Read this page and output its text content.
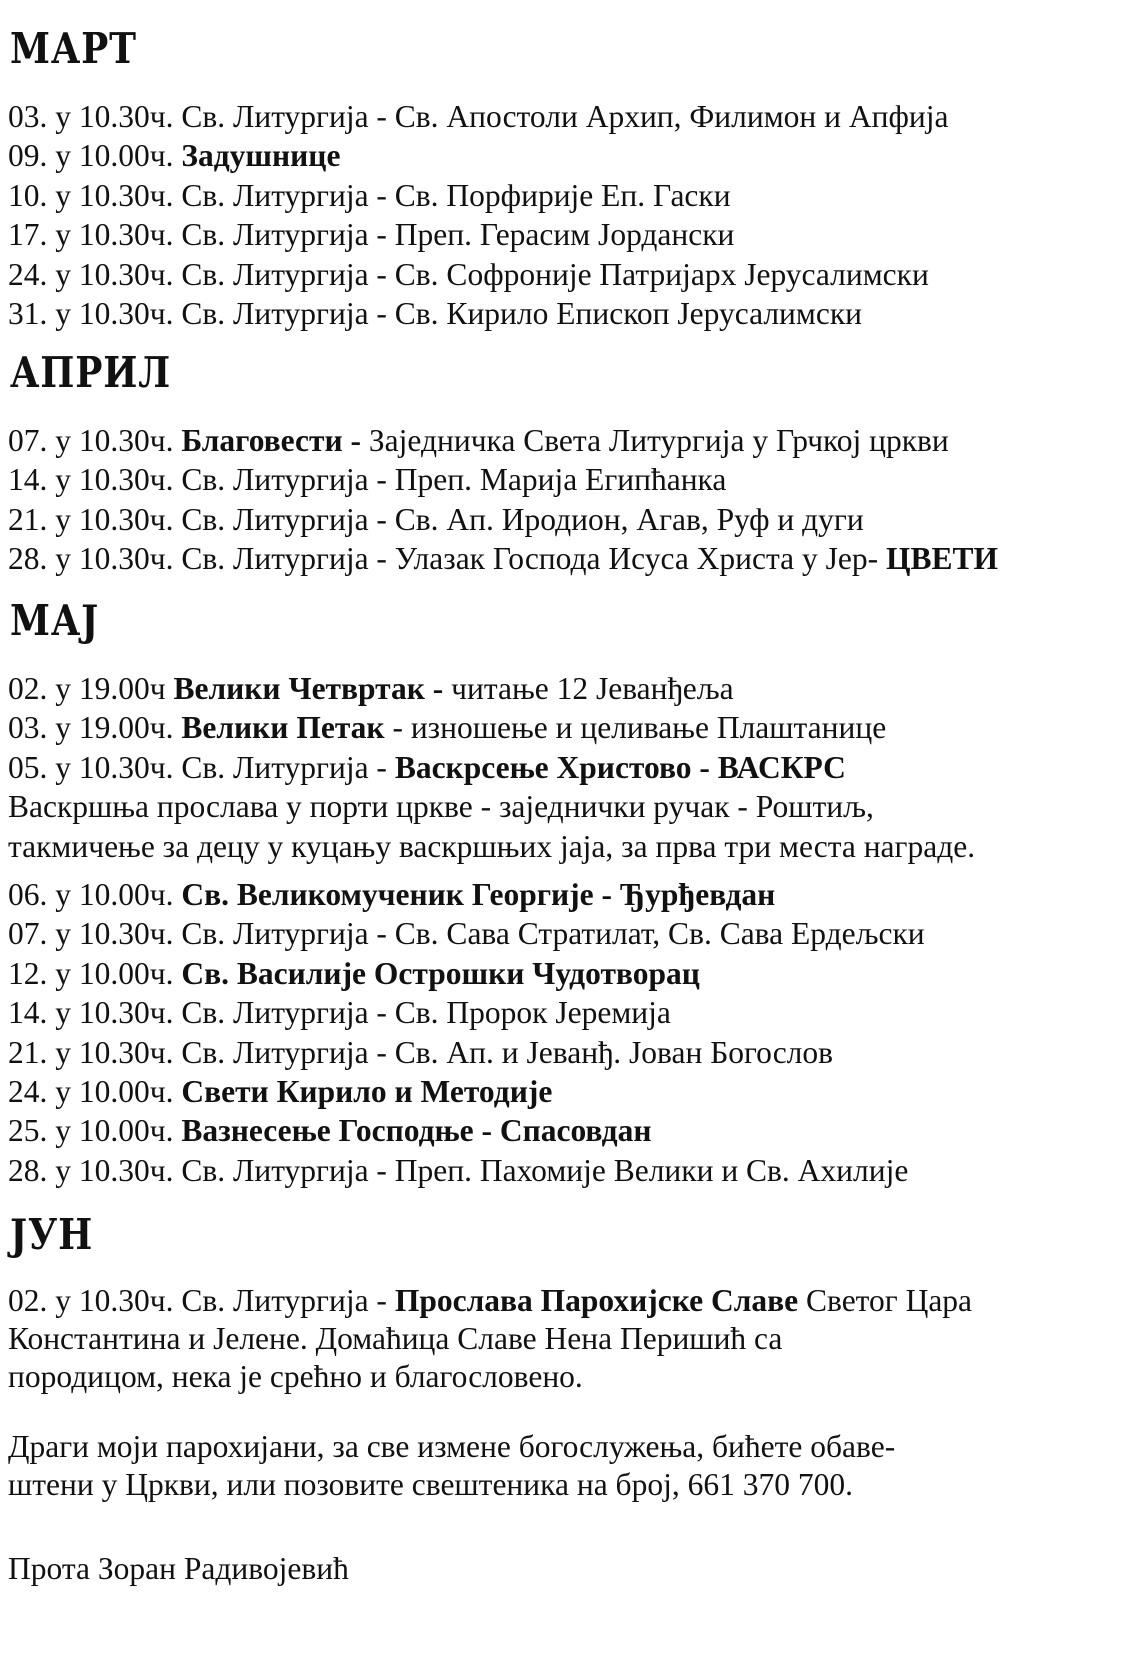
МАРТ
03. у 10.30ч. Св. Литургија - Св. Апостоли Архип, Филимон и Апфија
09. у 10.00ч. Задушнице
10. у 10.30ч. Св. Литургија - Св. Порфирије Еп. Гаски
17. у 10.30ч. Св. Литургија - Преп. Герасим Јордански
24. у 10.30ч. Св. Литургија - Св. Софроније Патријарх Јерусалимски
31. у 10.30ч. Св. Литургија - Св. Кирило Епископ Јерусалимски
АПРИЛ
07. у 10.30ч. Благовести - Заједничка Света Литургија у Грчкој цркви
14. у 10.30ч. Св. Литургија - Преп. Марија Египћанка
21. у 10.30ч. Св. Литургија - Св. Ап. Иродион, Агав, Руф и дуги
28. у 10.30ч. Св. Литургија - Улазак Господа Исуса Христа у Јер- ЦВЕТИ
МАЈ
02. у 19.00ч Велики Четвртак - читање 12 Јеванђеља
03. у 19.00ч. Велики Петак - изношење и целивање Плаштанице
05. у 10.30ч. Св. Литургија - Васкрсење Христово - ВАСКРС
Васкршња прослава у порти цркве - заједнички ручак - Роштиљ,
такмичење за децу у куцању васкршњих јаја, за прва три места награде.
06. у 10.00ч. Св. Великомученик Георгије - Ђурђевдан
07. у 10.30ч. Св. Литургија - Св. Сава Стратилат, Св. Сава Ердељски
12. у 10.00ч. Св. Василије Острошки Чудотворац
14. у 10.30ч. Св. Литургија - Св. Пророк Јеремија
21. у 10.30ч. Св. Литургија - Св. Ап. и Јеванђ. Јован Богослов
24. у 10.00ч. Свети Кирило и Методије
25. у 10.00ч. Вазнесење Господње - Спасовдан
28. у 10.30ч. Св. Литургија - Преп. Пахомије Велики и Св. Ахилије
ЈУН

02. у 10.30ч. Св. Литургија - Прослава Парохијске Славе Светог Цара
Константина и Јелене. Домаћица Славе Нена Перишић са
породицом, нека је срећно и благословено.

Драги моји парохијани, за све измене богослужења, бићете обаве-
штени у Цркви, или позовите свештеника на број, 661 370 700.

Прота Зоран Радивојевић
